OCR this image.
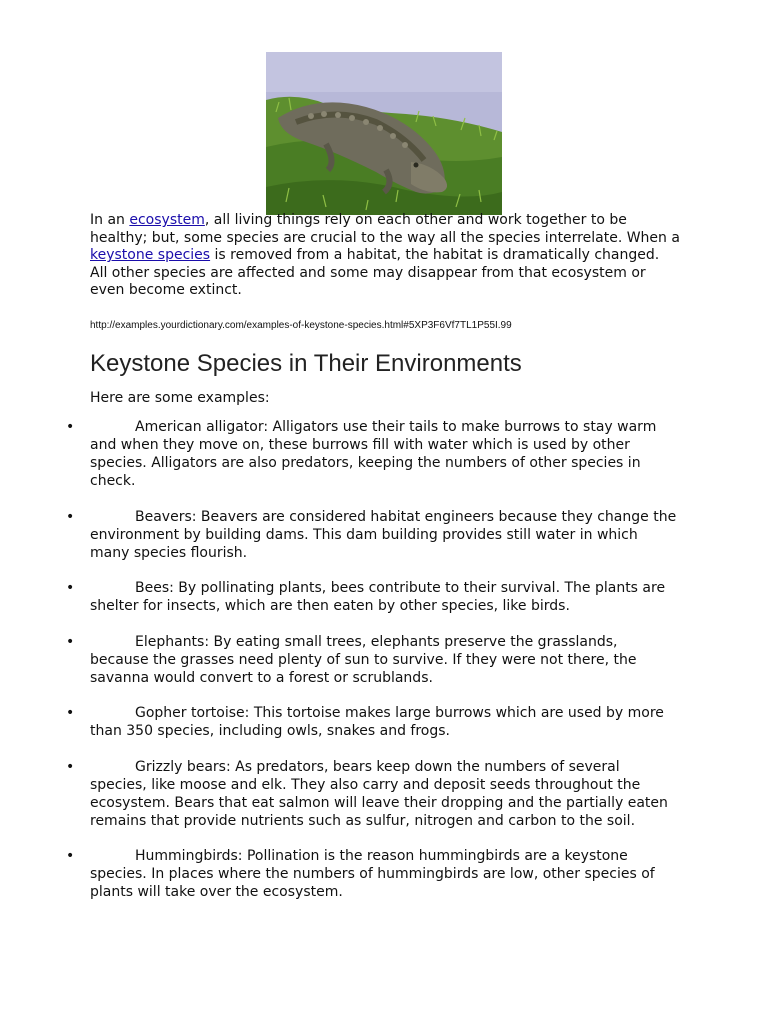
In an ecosystem, all living things rely on each other and work together to be healthy; but, some species are crucial to the way all the species interrelate. When a keystone species is removed from a habitat, the habitat is dramatically changed. All other species are affected and some may disappear from that ecosystem or even become extinct.

http://examples.yourdictionary.com/examples-of-keystone-species.html#5XP3F6Vf7TL1P55I.99

Keystone Species in Their Environments

Here are some examples:

•	American alligator: Alligators use their tails to make burrows to stay warm and when they move on, these burrows fill with water which is used by other species. Alligators are also predators, keeping the numbers of other species in check.
•	Beavers: Beavers are considered habitat engineers because they change the environment by building dams. This dam building provides still water in which many species flourish.
•	Bees: By pollinating plants, bees contribute to their survival. The plants are shelter for insects, which are then eaten by other species, like birds.
•	Elephants: By eating small trees, elephants preserve the grasslands, because the grasses need plenty of sun to survive. If they were not there, the savanna would convert to a forest or scrublands.
•	Gopher tortoise: This tortoise makes large burrows which are used by more than 350 species, including owls, snakes and frogs.
•	Grizzly bears: As predators, bears keep down the numbers of several species, like moose and elk. They also carry and deposit seeds throughout the ecosystem. Bears that eat salmon will leave their dropping and the partially eaten remains that provide nutrients such as sulfur, nitrogen and carbon to the soil.
•	Hummingbirds: Pollination is the reason hummingbirds are a keystone species. In places where the numbers of hummingbirds are low, other species of plants will take over the ecosystem.
